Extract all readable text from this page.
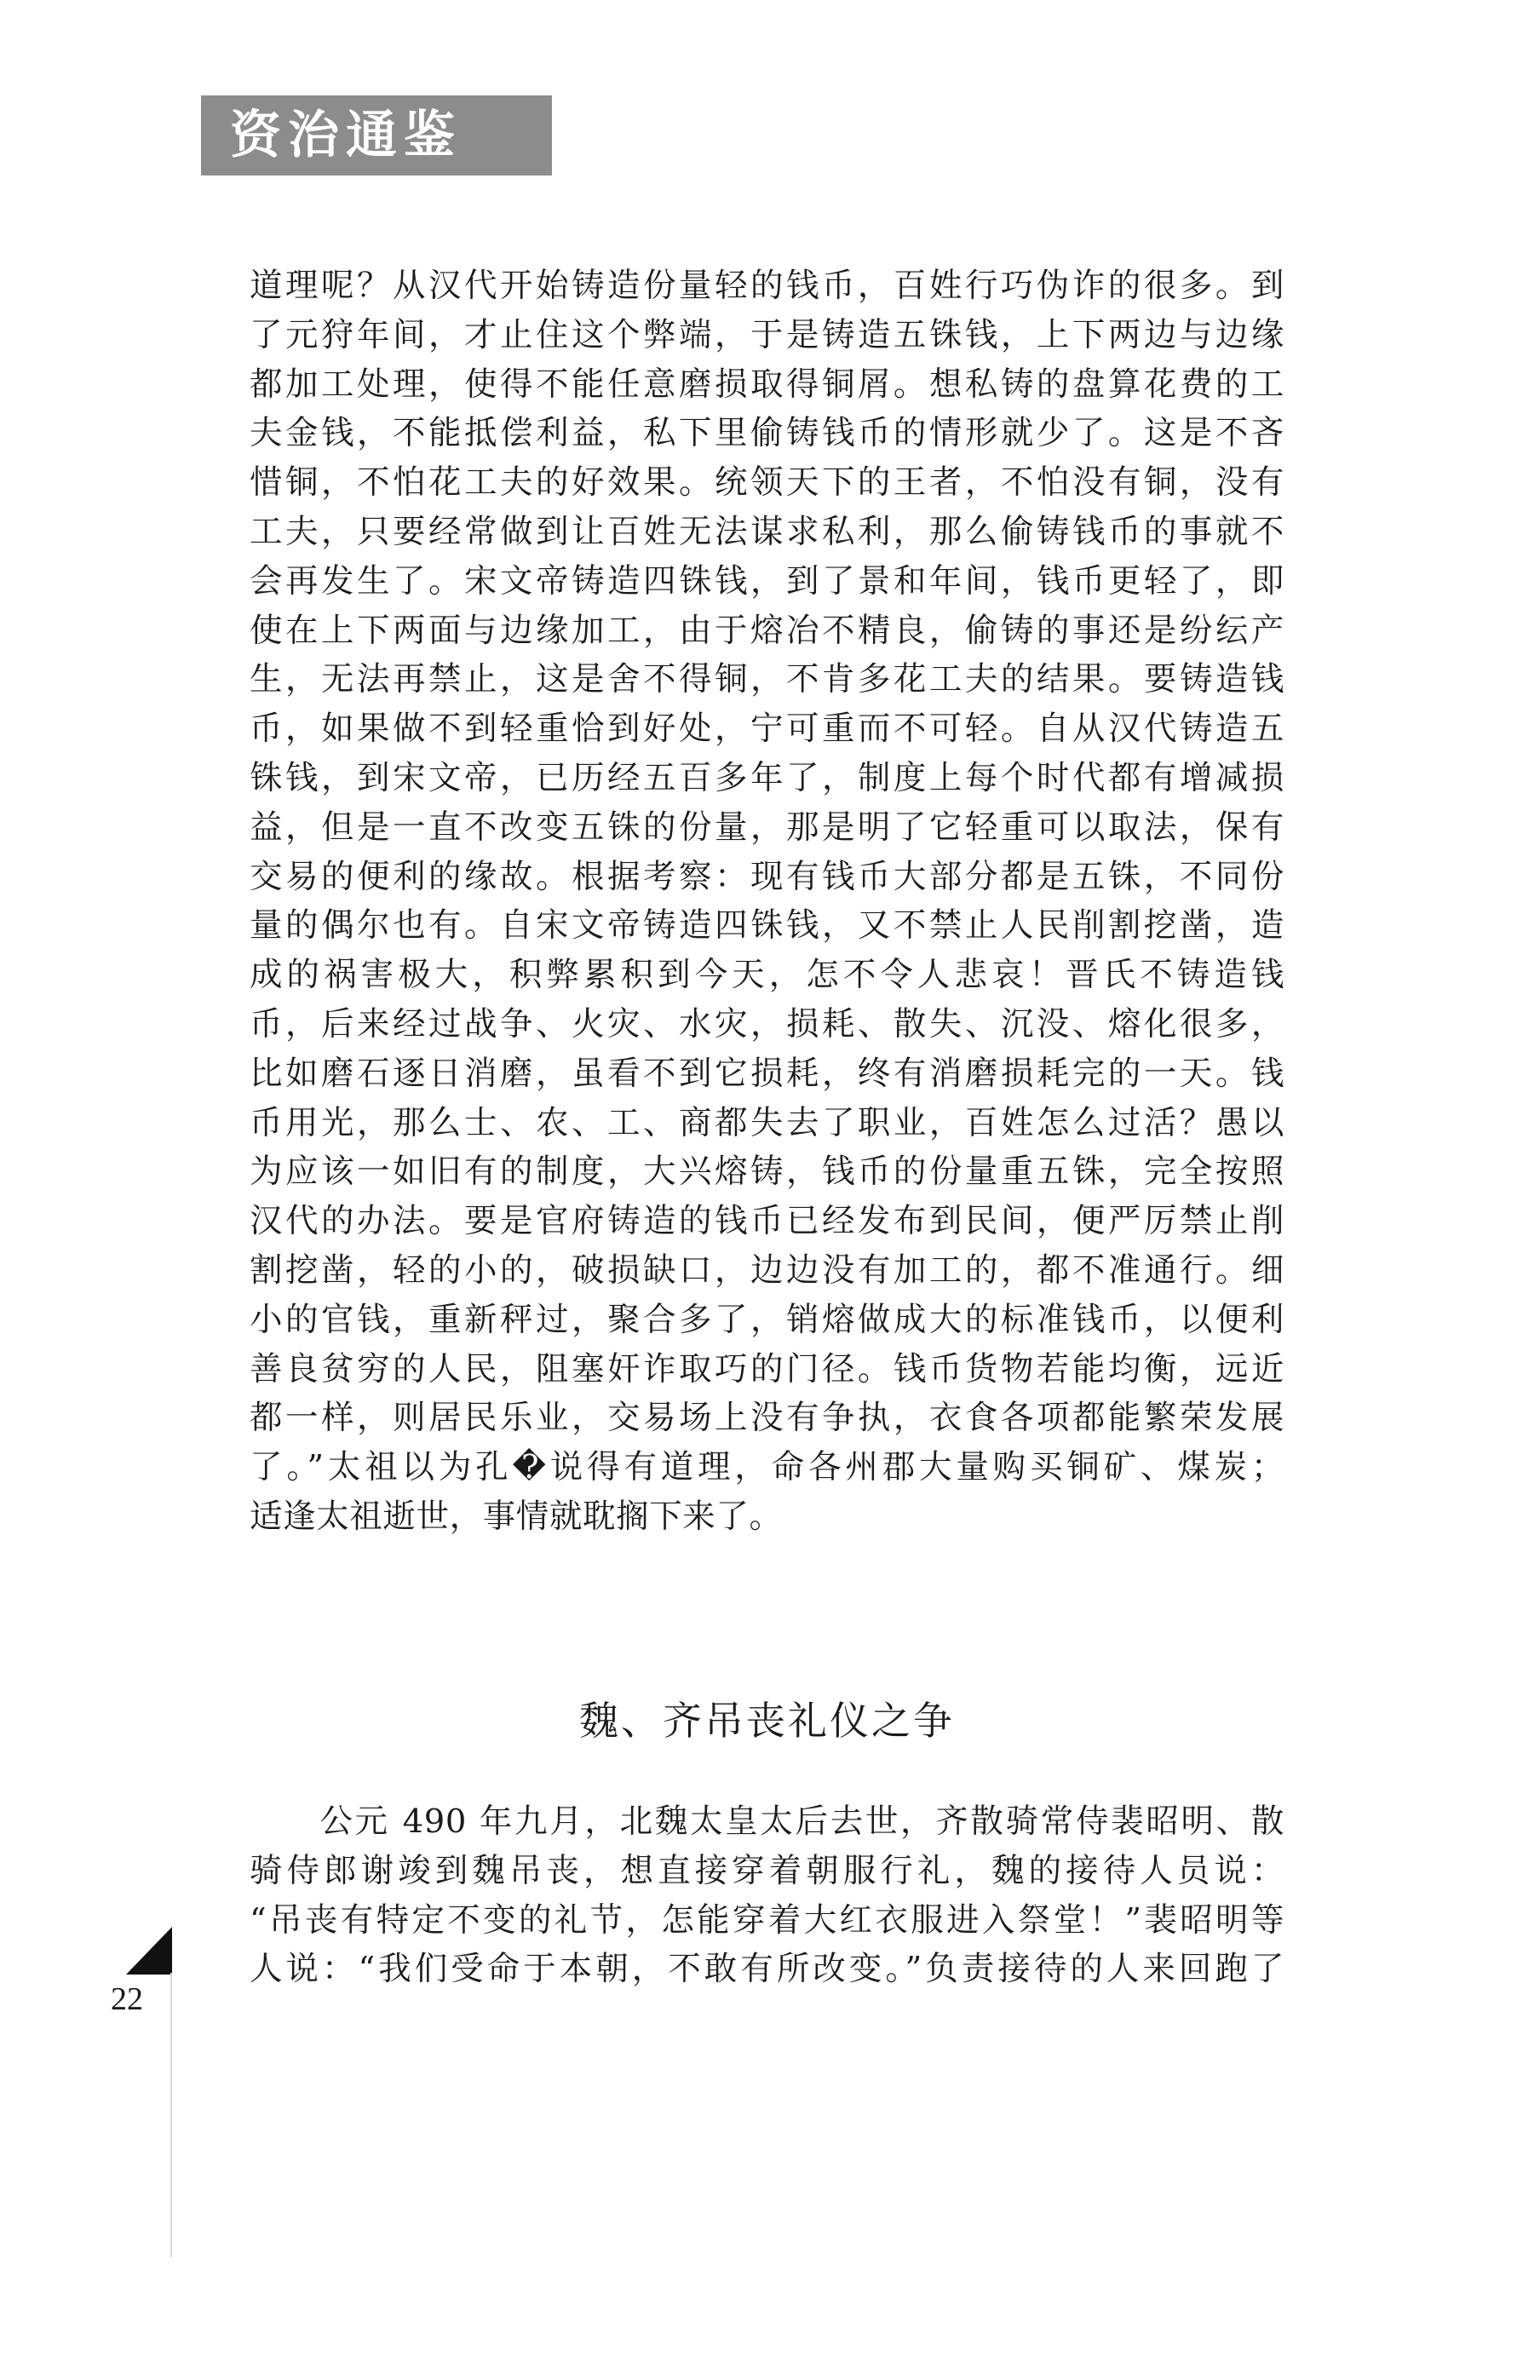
资治通鉴
道理呢？从汉代开始铸造份量轻的钱币，百姓行巧伪诈的很多。到
了元狩年间，才止住这个弊端，于是铸造五铢钱，上下两边与边缘
都加工处理，使得不能任意磨损取得铜屑。想私铸的盘算花费的工
夫金钱，不能抵偿利益，私下里偷铸钱币的情形就少了。这是不吝
惜铜，不怕花工夫的好效果。统领天下的王者，不怕没有铜，没有
工夫，只要经常做到让百姓无法谋求私利，那么偷铸钱币的事就不
会再发生了。宋文帝铸造四铢钱，到了景和年间，钱币更轻了，即
使在上下两面与边缘加工，由于熔冶不精良，偷铸的事还是纷纭产
生，无法再禁止，这是舍不得铜，不肯多花工夫的结果。要铸造钱
币，如果做不到轻重恰到好处，宁可重而不可轻。自从汉代铸造五
铢钱，到宋文帝，已历经五百多年了，制度上每个时代都有增减损
益，但是一直不改变五铢的份量，那是明了它轻重可以取法，保有
交易的便利的缘故。根据考察：现有钱币大部分都是五铢，不同份
量的偶尔也有。自宋文帝铸造四铢钱，又不禁止人民削割挖凿，造
成的祸害极大，积弊累积到今天，怎不令人悲哀！晋氏不铸造钱
币，后来经过战争、火灾、水灾，损耗、散失、沉没、熔化很多，
比如磨石逐日消磨，虽看不到它损耗，终有消磨损耗完的一天。钱
币用光，那么士、农、工、商都失去了职业，百姓怎么过活？愚以
为应该一如旧有的制度，大兴熔铸，钱币的份量重五铢，完全按照
汉代的办法。要是官府铸造的钱币已经发布到民间，便严厉禁止削
割挖凿，轻的小的，破损缺口，边边没有加工的，都不准通行。细
小的官钱，重新秤过，聚合多了，销熔做成大的标准钱币，以便利
善良贫穷的人民，阻塞奸诈取巧的门径。钱币货物若能均衡，远近
都一样，则居民乐业，交易场上没有争执，衣食各项都能繁荣发展
了。”太祖以为孔�说得有道理，命各州郡大量购买铜矿、煤炭；
适逢太祖逝世，事情就耽搁下来了。
魏、齐吊丧礼仪之争
　　公元 490 年九月，北魏太皇太后去世，齐散骑常侍裴昭明、散
骑侍郎谢竣到魏吊丧，想直接穿着朝服行礼，魏的接待人员说：
“吊丧有特定不变的礼节，怎能穿着大红衣服进入祭堂！”裴昭明等
人说：“我们受命于本朝，不敢有所改变。”负责接待的人来回跑了
22
